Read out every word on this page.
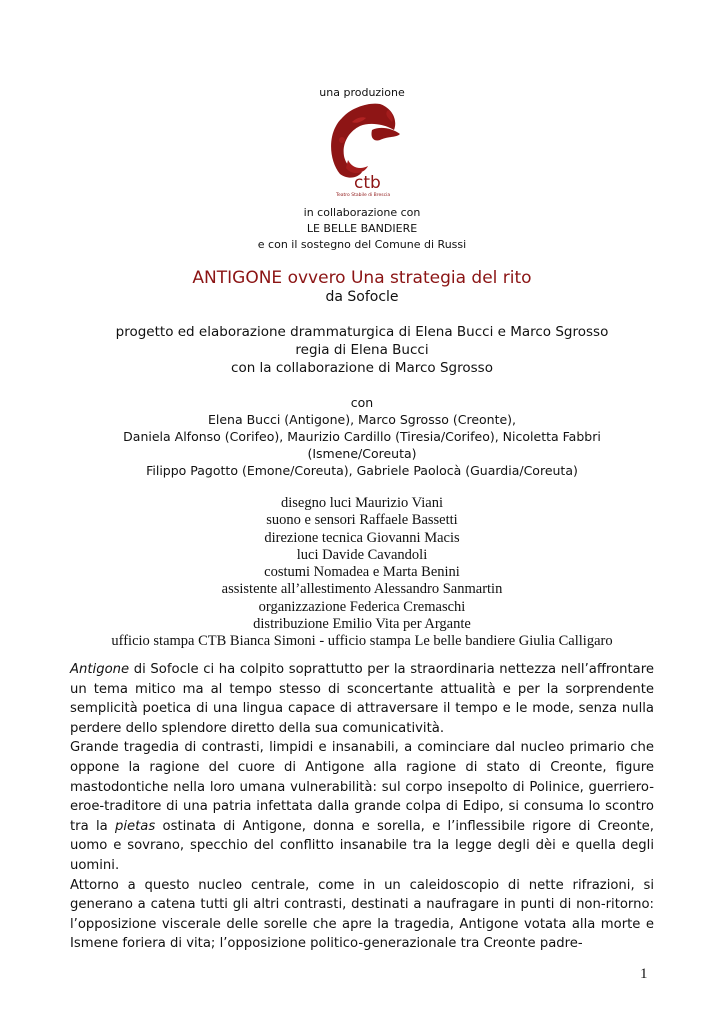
una produzione
ctb
Teatro Stabile di Brescia
in collaborazione con
LE BELLE BANDIERE
e con il sostegno del Comune di Russi
ANTIGONE ovvero Una strategia del rito
da Sofocle
progetto ed elaborazione drammaturgica di Elena Bucci e Marco Sgrosso
regia di Elena Bucci
con la collaborazione di Marco Sgrosso
con
Elena Bucci (Antigone), Marco Sgrosso (Creonte),
Daniela Alfonso (Corifeo), Maurizio Cardillo (Tiresia/Corifeo), Nicoletta Fabbri
(Ismene/Coreuta)
Filippo Pagotto (Emone/Coreuta), Gabriele Paolocà (Guardia/Coreuta)
disegno luci Maurizio Viani
suono e sensori Raffaele Bassetti
direzione tecnica Giovanni Macis
luci Davide Cavandoli
costumi Nomadea e Marta Benini
assistente all’allestimento Alessandro Sanmartin
organizzazione Federica Cremaschi
distribuzione Emilio Vita per Argante
ufficio stampa CTB Bianca Simoni - ufficio stampa Le belle bandiere Giulia Calligaro

Antigone di Sofocle ci ha colpito soprattutto per la straordinaria nettezza nell’affrontare un tema mitico ma al tempo stesso di sconcertante attualità e per la sorprendente semplicità poetica di una lingua capace di attraversare il tempo e le mode, senza nulla perdere dello splendore diretto della sua comunicatività.

Grande tragedia di contrasti, limpidi e insanabili, a cominciare dal nucleo primario che oppone la ragione del cuore di Antigone alla ragione di stato di Creonte, figure mastodontiche nella loro umana vulnerabilità: sul corpo insepolto di Polinice, guerriero-eroe-traditore di una patria infettata dalla grande colpa di Edipo, si consuma lo scontro tra la pietas ostinata di Antigone, donna e sorella, e l’inflessibile rigore di Creonte, uomo e sovrano, specchio del conflitto insanabile tra la legge degli dèi e quella degli uomini.

Attorno a questo nucleo centrale, come in un caleidoscopio di nette rifrazioni, si generano a catena tutti gli altri contrasti, destinati a naufragare in punti di non-ritorno: l’opposizione viscerale delle sorelle che apre la tragedia, Antigone votata alla morte e Ismene foriera di vita; l’opposizione politico-generazionale tra Creonte padre-

1
